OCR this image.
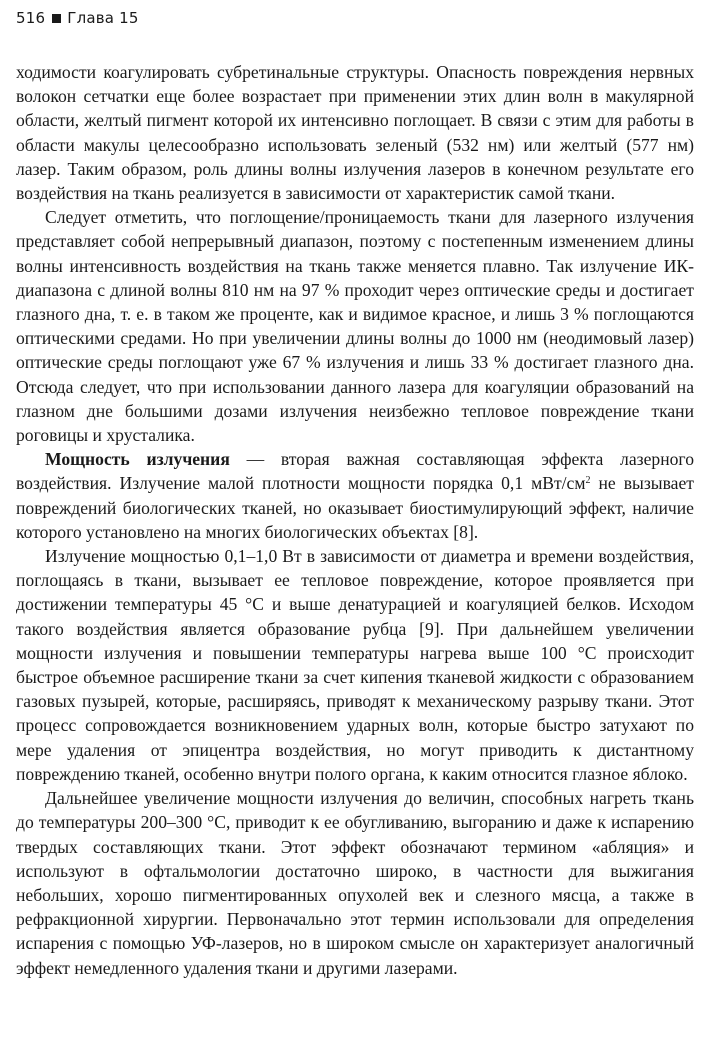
516 Глава 15

ходимости коагулировать субретинальные структуры. Опасность повреждения нервных волокон сетчатки еще более возрастает при применении этих длин волн в макулярной области, желтый пигмент которой их интенсивно поглощает. В связи с этим для работы в области макулы целесообразно использовать зеленый (532 нм) или желтый (577 нм) лазер. Таким образом, роль длины волны излучения лазеров в конечном результате его воздействия на ткань реализуется в зависимости от характеристик самой ткани.

Следует отметить, что поглощение/проницаемость ткани для лазерного излучения представляет собой непрерывный диапазон, поэтому с постепенным изменением длины волны интенсивность воздействия на ткань также меняется плавно. Так излучение ИК-диапазона с длиной волны 810 нм на 97 % проходит через оптические среды и достигает глазного дна, т. е. в таком же проценте, как и видимое красное, и лишь 3 % поглощаются оптическими средами. Но при увеличении длины волны до 1000 нм (неодимовый лазер) оптические среды поглощают уже 67 % излучения и лишь 33 % достигает глазного дна. Отсюда следует, что при использовании данного лазера для коагуляции образований на глазном дне большими дозами излучения неизбежно тепловое повреждение ткани роговицы и хрусталика.

Мощность излучения — вторая важная составляющая эффекта лазерного воздействия. Излучение малой плотности мощности порядка 0,1 мВт/$см^2$ не вызывает повреждений биологических тканей, но оказывает биостимулирующий эффект, наличие которого установлено на многих биологических объектах [8].

Излучение мощностью 0,1–1,0 Вт в зависимости от диаметра и времени воздействия, поглощаясь в ткани, вызывает ее тепловое повреждение, которое проявляется при достижении температуры 45 °C и выше денатурацией и коагуляцией белков. Исходом такого воздействия является образование рубца [9]. При дальнейшем увеличении мощности излучения и повышении температуры нагрева выше 100 °C происходит быстрое объемное расширение ткани за счет кипения тканевой жидкости с образованием газовых пузырей, которые, расширяясь, приводят к механическому разрыву ткани. Этот процесс сопровождается возникновением ударных волн, которые быстро затухают по мере удаления от эпицентра воздействия, но могут приводить к дистантному повреждению тканей, особенно внутри полого органа, к каким относится глазное яблоко.

Дальнейшее увеличение мощности излучения до величин, способных нагреть ткань до температуры 200–300 °C, приводит к ее обугливанию, выгоранию и даже к испарению твердых составляющих ткани. Этот эффект обозначают термином «абляция» и используют в офтальмологии достаточно широко, в частности для выжигания небольших, хорошо пигментированных опухолей век и слезного мясца, а также в рефракционной хирургии. Первоначально этот термин использовали для определения испарения с помощью УФ-лазеров, но в широком смысле он характеризует аналогичный эффект немедленного удаления ткани и другими лазерами.
